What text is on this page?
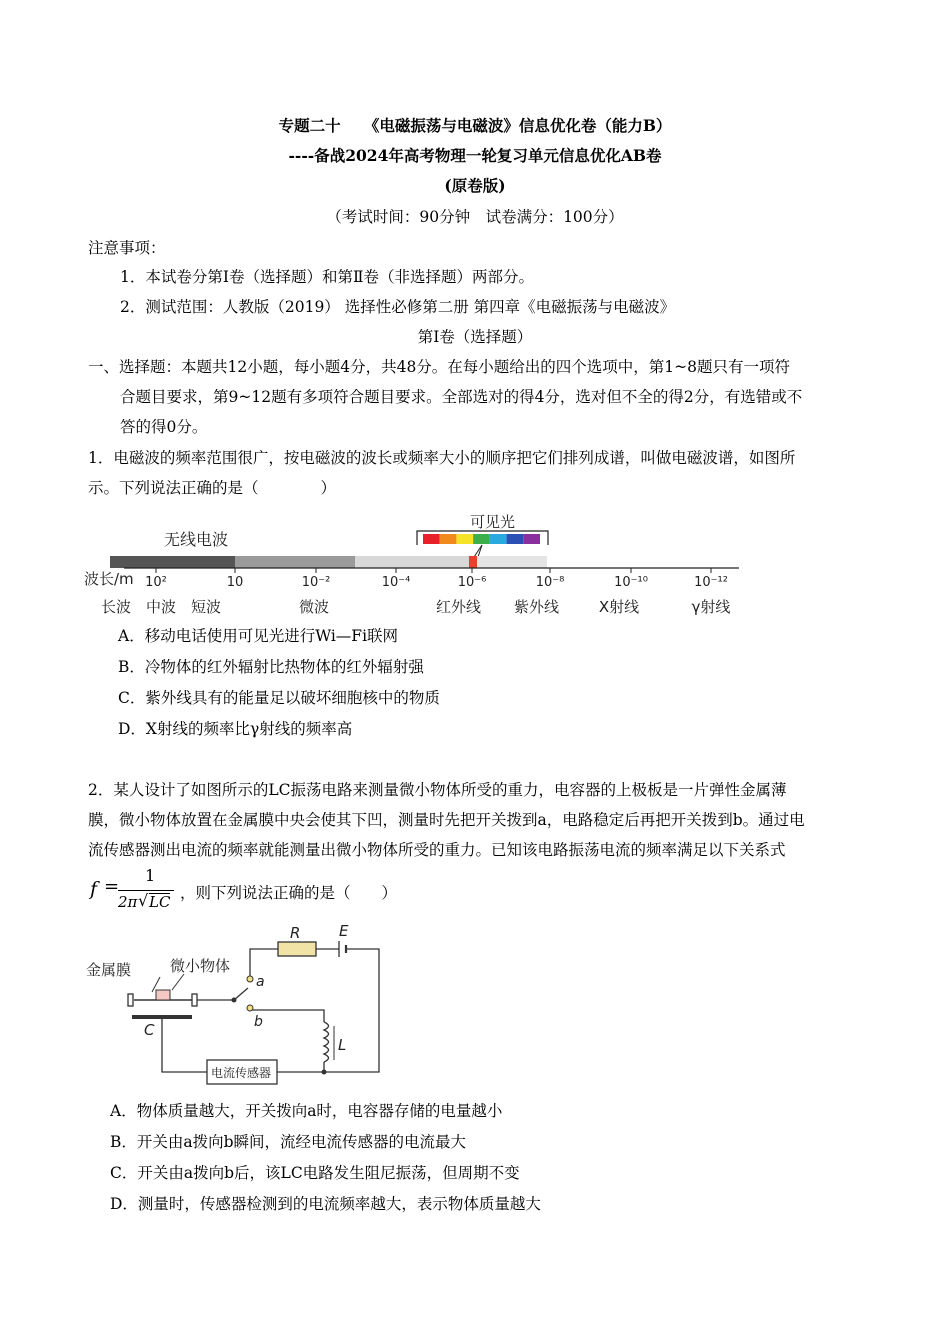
专题二十　　《电磁振荡与电磁波》信息优化卷（能力B）
----备战2024年高考物理一轮复习单元信息优化AB卷
(原卷版)
（考试时间：90分钟　试卷满分：100分）
注意事项：
1．本试卷分第Ⅰ卷（选择题）和第Ⅱ卷（非选择题）两部分。
2．测试范围：人教版（2019） 选择性必修第二册 第四章《电磁振荡与电磁波》
第Ⅰ卷（选择题）
一、选择题：本题共12小题，每小题4分，共48分。在每小题给出的四个选项中，第1~8题只有一项符
合题目要求，第9~12题有多项符合题目要求。全部选对的得4分，选对但不全的得2分，有选错或不
答的得0分。
1．电磁波的频率范围很广，按电磁波的波长或频率大小的顺序把它们排列成谱，叫做电磁波谱，如图所
示。下列说法正确的是（　　　　）
可见光
无线电波
波长/m 10²	10	10⁻²	10⁻⁴	10⁻⁶	10⁻⁸	10⁻¹⁰	10⁻¹²
长波 中波 短波	微波	红外线 紫外线	X射线	γ射线
A．移动电话使用可见光进行Wi—Fi联网
B．冷物体的红外辐射比热物体的红外辐射强
C．紫外线具有的能量足以破坏细胞核中的物质
D．X射线的频率比γ射线的频率高
2．某人设计了如图所示的LC振荡电路来测量微小物体所受的重力，电容器的上极板是一片弹性金属薄
膜，微小物体放置在金属膜中央会使其下凹，测量时先把开关拨到a，电路稳定后再把开关拨到b。通过电
流传感器测出电流的频率就能测量出微小物体所受的重力。已知该电路振荡电流的频率满足以下关系式
f =
1
2π √ LC ，则下列说法正确的是（　　）
金属膜	微小物体
R	E
a
b
C
L
电流传感器
A．物体质量越大，开关拨向a时，电容器存储的电量越小
B．开关由a拨向b瞬间，流经电流传感器的电流最大
C．开关由a拨向b后，该LC电路发生阻尼振荡，但周期不变
D．测量时，传感器检测到的电流频率越大，表示物体质量越大
